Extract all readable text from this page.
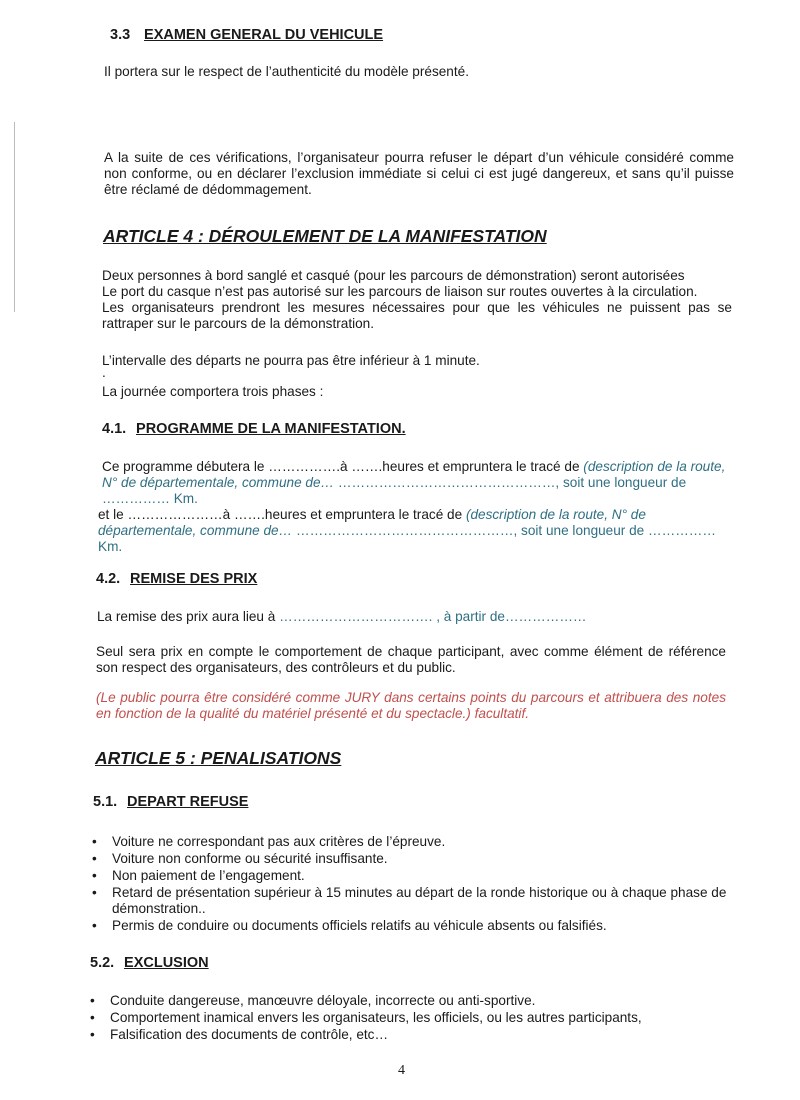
3.3 EXAMEN GENERAL DU VEHICULE

Il portera sur le respect de l’authenticité du modèle présenté.

A la suite de ces vérifications, l’organisateur pourra refuser le départ d’un véhicule considéré comme non conforme, ou en déclarer l’exclusion immédiate si celui ci est jugé dangereux, et sans qu’il puisse être réclamé de dédommagement.

ARTICLE 4 : DÉROULEMENT DE LA MANIFESTATION

Deux personnes à bord sanglé et casqué (pour les parcours de démonstration) seront autorisées

Le port du casque n’est pas autorisé sur les parcours de liaison sur routes ouvertes à la circulation.

Les organisateurs prendront les mesures nécessaires pour que les véhicules ne puissent pas se rattraper sur le parcours de la démonstration.

L’intervalle des départs ne pourra pas être inférieur à 1 minute.

.

La journée comportera trois phases :

4.1. PROGRAMME DE LA MANIFESTATION.

Ce programme débutera le …………….à …….heures et empruntera le tracé de (description de la route, N° de départementale, commune de… …………………………………………, soit une longueur de …………… Km.

et le …………………à …….heures et empruntera le tracé de (description de la route, N° de départementale, commune de… …………………………………………, soit une longueur de …………… Km.

4.2. REMISE DES PRIX

La remise des prix aura lieu à ……………………………. , à partir de………………

Seul sera prix en compte le comportement de chaque participant, avec comme élément de référence son respect des organisateurs, des contrôleurs et du public.

(Le public pourra être considéré comme JURY dans certains points du parcours et attribuera des notes en fonction de la qualité du matériel présenté et du spectacle.) facultatif.

ARTICLE 5 : PENALISATIONS
5.1. DEPART REFUSE
• Voiture ne correspondant pas aux critères de l’épreuve.
• Voiture non conforme ou sécurité insuffisante.
• Non paiement de l’engagement.
• Retard de présentation supérieur à 15 minutes au départ de la ronde historique ou à chaque phase de démonstration..
• Permis de conduire ou documents officiels relatifs au véhicule absents ou falsifiés.
5.2. EXCLUSION
• Conduite dangereuse, manœuvre déloyale, incorrecte ou anti-sportive.
• Comportement inamical envers les organisateurs, les officiels, ou les autres participants,
• Falsification des documents de contrôle, etc…
4
